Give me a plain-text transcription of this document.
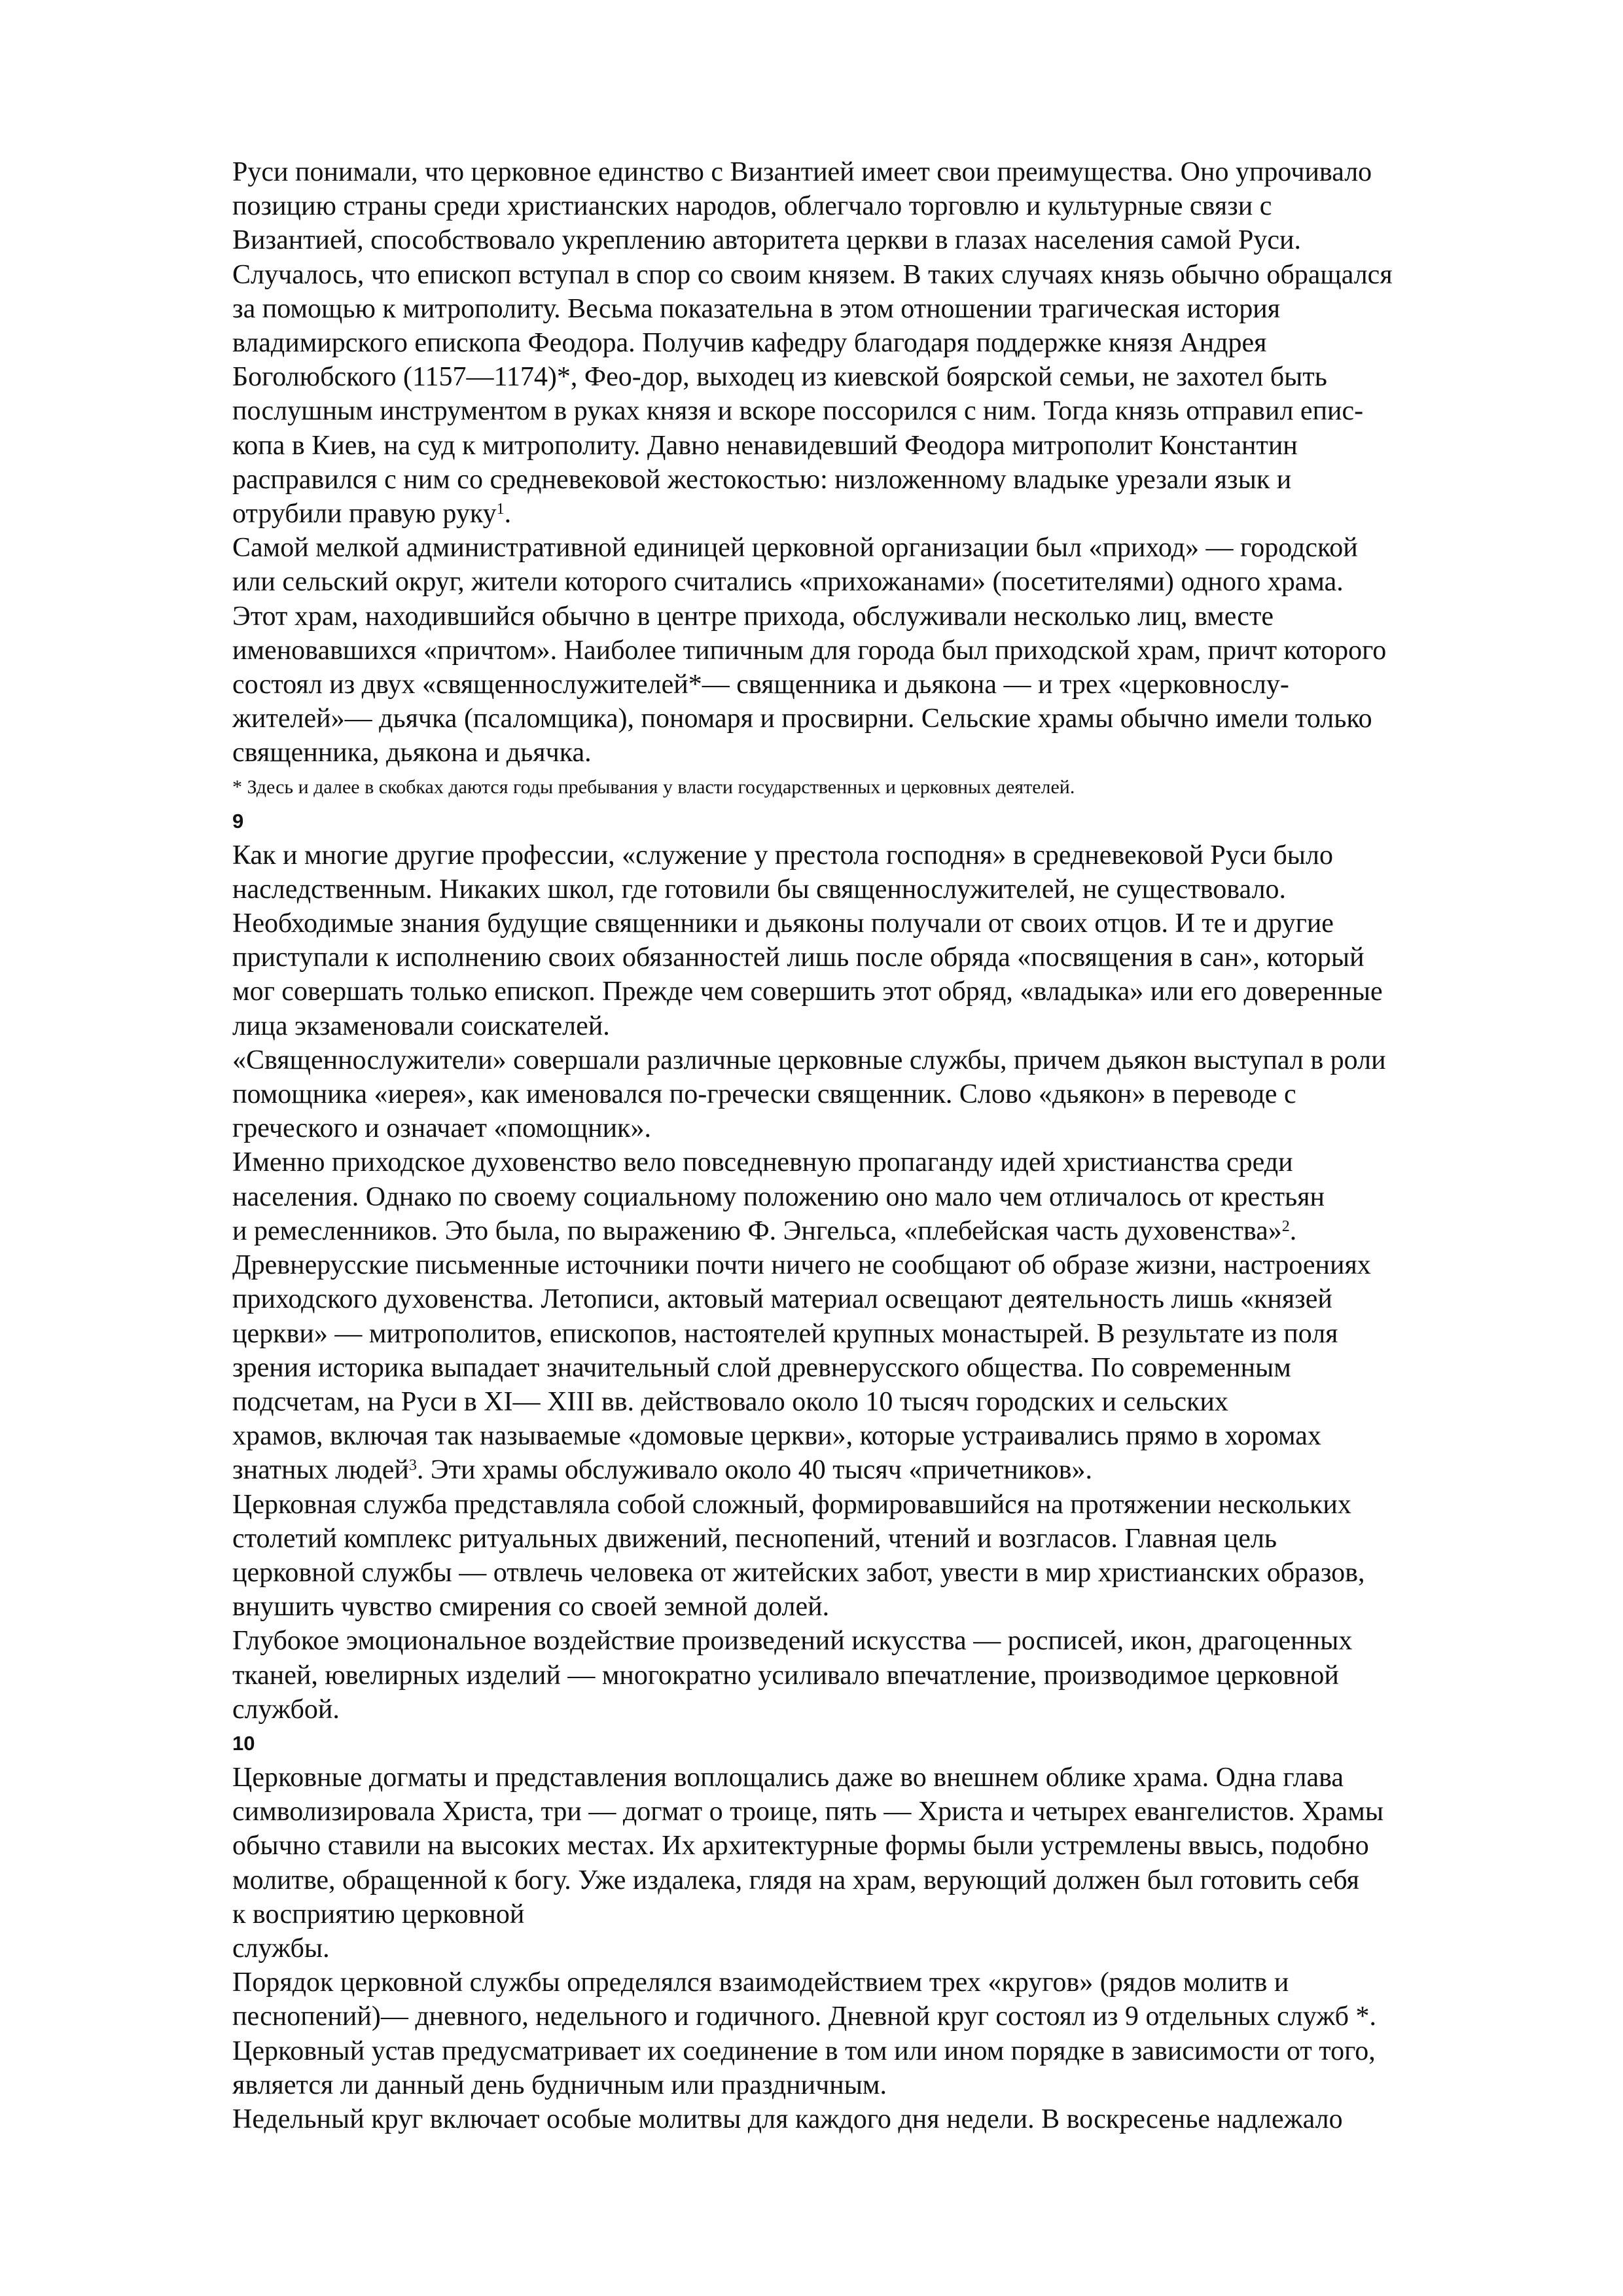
Руси понимали, что церковное единство с Византией имеет свои преимущества. Оно упрочивало
позицию страны среди христианских народов, облегчало торговлю и культурные связи с
Византией, способствовало укреплению авторитета церкви в глазах населения самой Руси.

Случалось, что епископ вступал в спор со своим князем. В таких случаях князь обычно обращался
за помощью к митрополиту. Весьма показательна в этом отношении трагическая история
владимирского епископа Феодора. Получив кафедру благодаря поддержке князя Андрея
Боголюбского (1157—1174)*, Фео-дор, выходец из киевской боярской семьи, не захотел быть
послушным инструментом в руках князя и вскоре поссорился с ним. Тогда князь отправил епис-
копа в Киев, на суд к митрополиту. Давно ненавидевший Феодора митрополит Константин
расправился с ним со средневековой жестокостью: низложенному владыке урезали язык и
отрубили правую руку$^1$.

Самой мелкой административной единицей церковной организации был «приход» — городской
или сельский округ, жители которого считались «прихожанами» (посетителями) одного храма.
Этот храм, находившийся обычно в центре прихода, обслуживали несколько лиц, вместе
именовавшихся «причтом». Наиболее типичным для города был приходской храм, причт которого
состоял из двух «священнослужителей*— священника и дьякона — и трех «церковнослу-
жителей»— дьячка (псаломщика), пономаря и просвирни. Сельские храмы обычно имели только
священника, дьякона и дьячка.

* Здесь и далее в скобках даются годы пребывания у власти государственных и церковных деятелей.
9

Как и многие другие профессии, «служение у престола господня» в средневековой Руси было
наследственным. Никаких школ, где готовили бы священнослужителей, не существовало.
Необходимые знания будущие священники и дьяконы получали от своих отцов. И те и другие
приступали к исполнению своих обязанностей лишь после обряда «посвящения в сан», который
мог совершать только епископ. Прежде чем совершить этот обряд, «владыка» или его доверенные
лица экзаменовали соискателей.

«Священнослужители» совершали различные церковные службы, причем дьякон выступал в роли
помощника «иерея», как именовался по-гречески священник. Слово «дьякон» в переводе с
греческого и означает «помощник».

Именно приходское духовенство вело повседневную пропаганду идей христианства среди
населения. Однако по своему социальному положению оно мало чем отличалось от крестьян
и ремесленников. Это была, по выражению Ф. Энгельса, «плебейская часть духовенства»$^2$.

Древнерусские письменные источники почти ничего не сообщают об образе жизни, настроениях
приходского духовенства. Летописи, актовый материал освещают деятельность лишь «князей
церкви» — митрополитов, епископов, настоятелей крупных монастырей. В результате из поля
зрения историка выпадает значительный слой древнерусского общества. По современным
подсчетам, на Руси в XI— XIII вв. действовало около 10 тысяч городских и сельских
храмов, включая так называемые «домовые церкви», которые устраивались прямо в хоромах
знатных людей$^3$. Эти храмы обслуживало около 40 тысяч «причетников».

Церковная служба представляла собой сложный, формировавшийся на протяжении нескольких
столетий комплекс ритуальных движений, песнопений, чтений и возгласов. Главная цель
церковной службы — отвлечь человека от житейских забот, увести в мир христианских образов,
внушить чувство смирения со своей земной долей.

Глубокое эмоциональное воздействие произведений искусства — росписей, икон, драгоценных
тканей, ювелирных изделий — многократно усиливало впечатление, производимое церковной
службой.

10

Церковные догматы и представления воплощались даже во внешнем облике храма. Одна глава
символизировала Христа, три — догмат о троице, пять — Христа и четырех евангелистов. Храмы
обычно ставили на высоких местах. Их архитектурные формы были устремлены ввысь, подобно
молитве, обращенной к богу. Уже издалека, глядя на храм, верующий должен был готовить себя
к восприятию церковной

службы.

Порядок церковной службы определялся взаимодействием трех «кругов» (рядов молитв и
песнопений)— дневного, недельного и годичного. Дневной круг состоял из 9 отдельных служб *.
Церковный устав предусматривает их соединение в том или ином порядке в зависимости от того,
является ли данный день будничным или праздничным.

Недельный круг включает особые молитвы для каждого дня недели. В воскресенье надлежало
